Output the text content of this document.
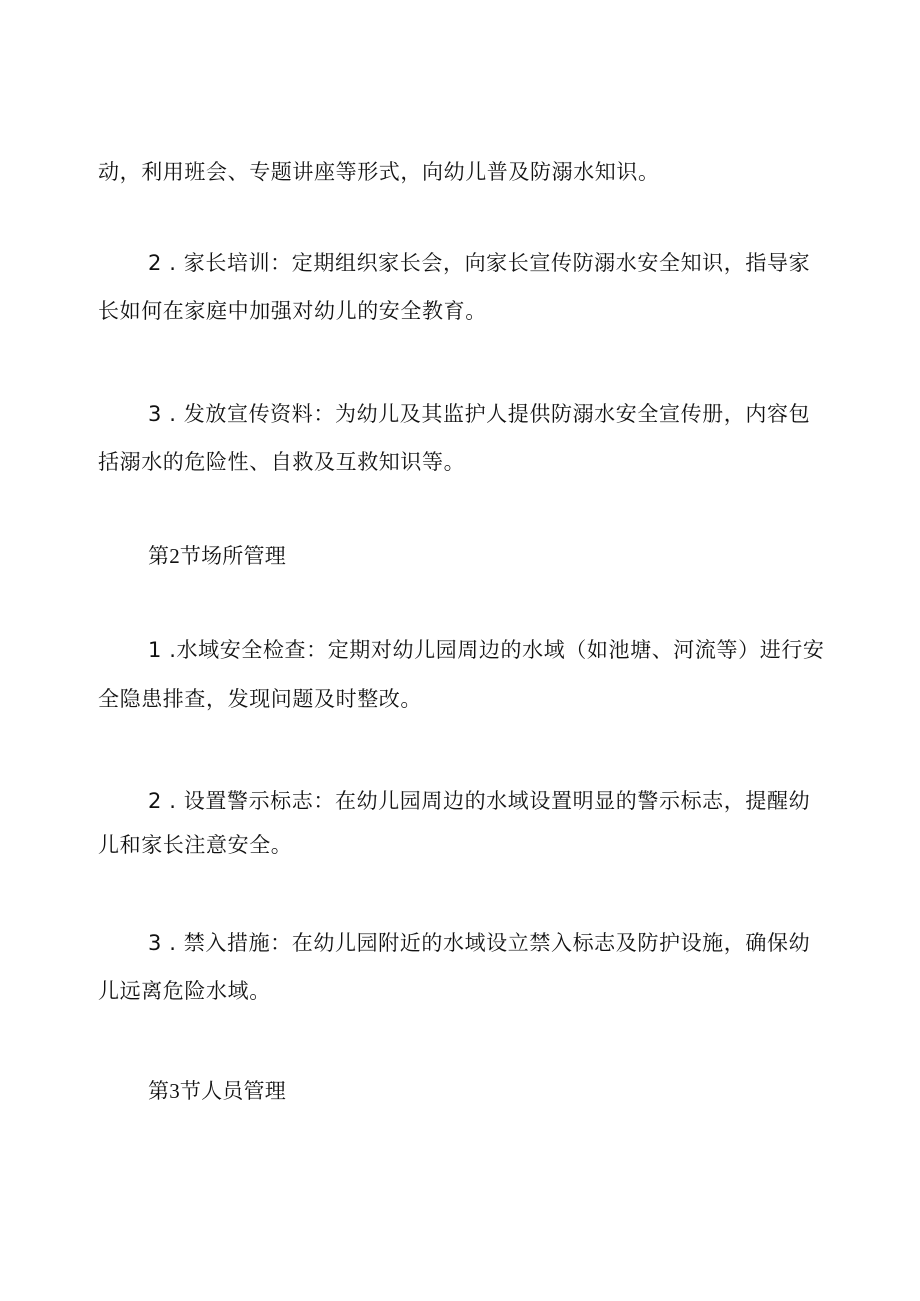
动，利用班会、专题讲座等形式，向幼儿普及防溺水知识。
2 . 家长培训：定期组织家长会，向家长宣传防溺水安全知识，指导家
长如何在家庭中加强对幼儿的安全教育。
3 . 发放宣传资料：为幼儿及其监护人提供防溺水安全宣传册，内容包
括溺水的危险性、自救及互救知识等。
第2节场所管理
1 .水域安全检查：定期对幼儿园周边的水域（如池塘、河流等）进行安
全隐患排查，发现问题及时整改。
2 . 设置警示标志：在幼儿园周边的水域设置明显的警示标志，提醒幼
儿和家长注意安全。
3 . 禁入措施：在幼儿园附近的水域设立禁入标志及防护设施，确保幼
儿远离危险水域。
第3节人员管理
